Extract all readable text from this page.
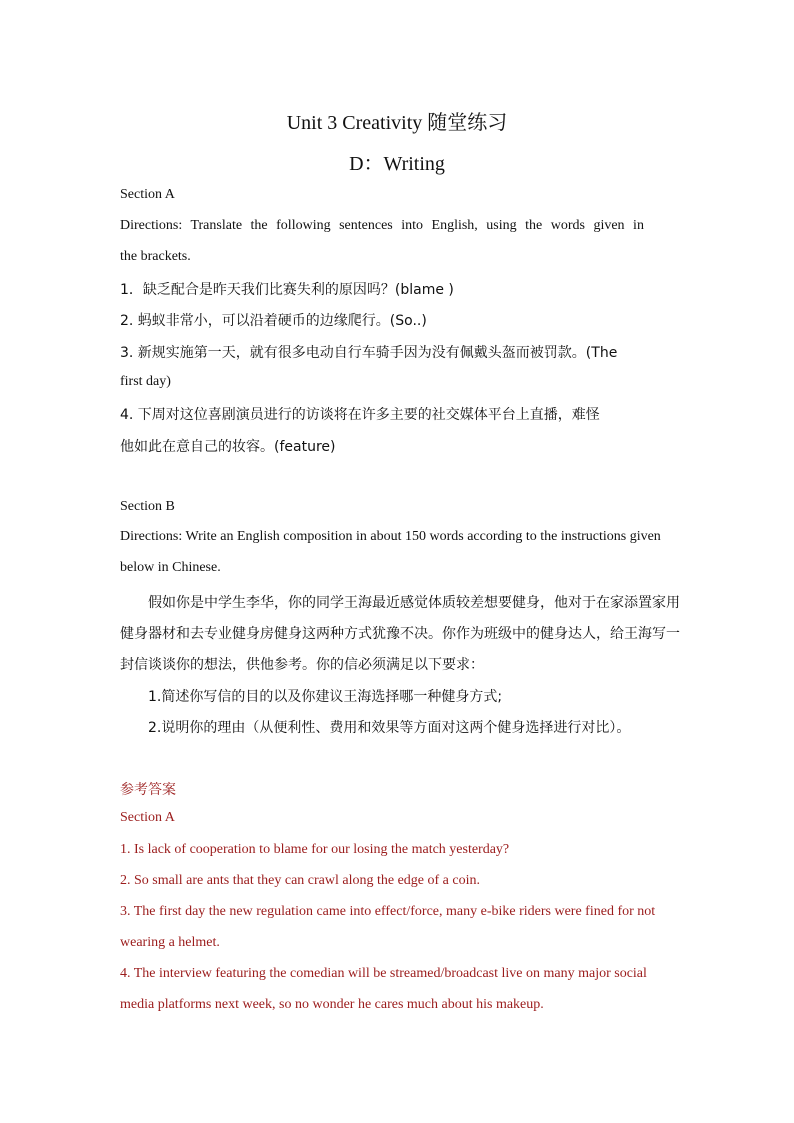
Unit 3 Creativity 随堂练习
D：Writing
Section A
Directions: Translate the following sentences into English, using the words given in
the brackets.
1．缺乏配合是昨天我们比赛失利的原因吗？(blame )
2. 蚂蚁非常小，可以沿着硬币的边缘爬行。(So..)
3. 新规实施第一天，就有很多电动自行车骑手因为没有佩戴头盔而被罚款。(The
first day)
4. 下周对这位喜剧演员进行的访谈将在许多主要的社交媒体平台上直播，难怪
他如此在意自己的妆容。(feature)
Section B
Directions: Write an English composition in about 150 words according to the instructions given
below in Chinese.
假如你是中学生李华，你的同学王海最近感觉体质较差想要健身，他对于在家添置家用
健身器材和去专业健身房健身这两种方式犹豫不决。你作为班级中的健身达人，给王海写一
封信谈谈你的想法，供他参考。你的信必须满足以下要求：
1.简述你写信的目的以及你建议王海选择哪一种健身方式;
2.说明你的理由（从便利性、费用和效果等方面对这两个健身选择进行对比）。
参考答案
Section A
1. Is lack of cooperation to blame for our losing the match yesterday?
2. So small are ants that they can crawl along the edge of a coin.
3. The first day the new regulation came into effect/force, many e-bike riders were fined for not
wearing a helmet.
4. The interview featuring the comedian will be streamed/broadcast live on many major social
media platforms next week, so no wonder he cares much about his makeup.
